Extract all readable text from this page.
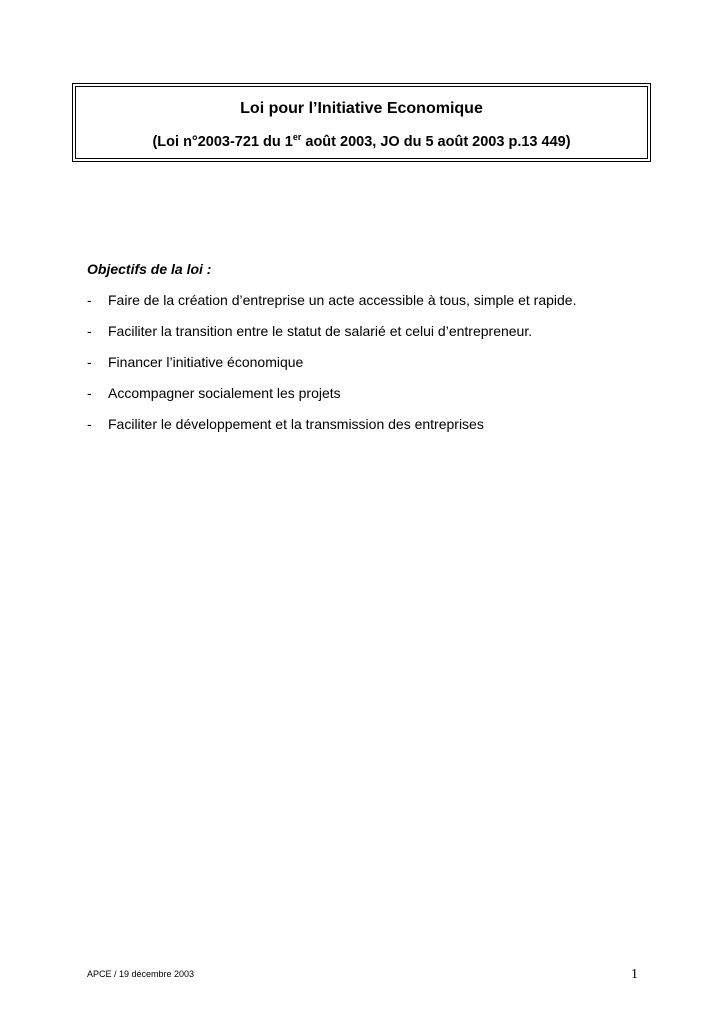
Loi pour l’Initiative Economique
(Loi n°2003-721 du 1er août 2003, JO du 5 août 2003 p.13 449)
Objectifs de la loi :
- Faire de la création d’entreprise un acte accessible à tous, simple et rapide.
- Faciliter la transition entre le statut de salarié et celui d’entrepreneur.
- Financer l’initiative économique
- Accompagner socialement les projets
- Faciliter le développement et la transmission des entreprises
APCE / 19 décembre 2003	1
